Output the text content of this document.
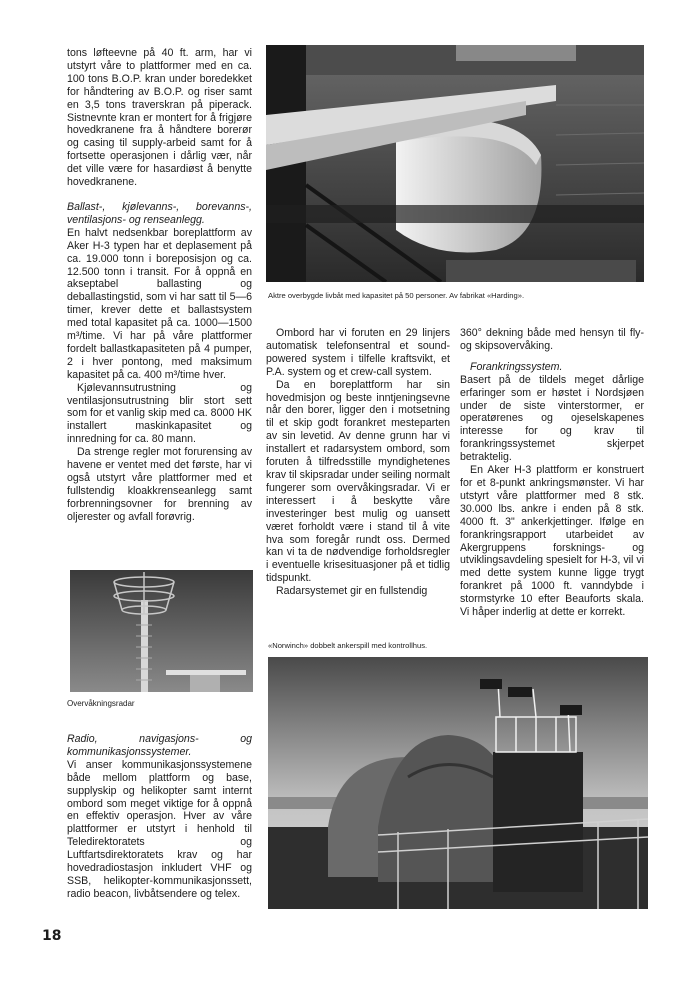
tons løfteevne på 40 ft. arm, har vi utstyrt våre to plattformer med en ca. 100 tons B.O.P. kran under boredekket for håndtering av B.O.P. og riser samt en 3,5 tons traverskran på piperack. Sistnevnte kran er montert for å frigjøre hovedkranene fra å håndtere borerør og casing til supply-arbeid samt for å fortsette operasjonen i dårlig vær, når det ville være for hasardiøst å benytte hovedkranene.

Ballast-, kjølevanns-, borevanns-, ventilasjons- og renseanlegg.

En halvt nedsenkbar boreplattform av Aker H-3 typen har et deplasement på ca. 19.000 tonn i boreposisjon og ca. 12.500 tonn i transit. For å oppnå en akseptabel ballasting og deballastingstid, som vi har satt til 5—6 timer, krever dette et ballastsystem med total kapasitet på ca. 1000—1500 m³/time. Vi har på våre plattformer fordelt ballastkapasiteten på 4 pumper, 2 i hver pontong, med maksimum kapasitet på ca. 400 m³/time hver.

Kjølevannsutrustning og ventilasjonsutrustning blir stort sett som for et vanlig skip med ca. 8000 HK installert maskinkapasitet og innredning for ca. 80 mann.

Da strenge regler mot forurensing av havene er ventet med det første, har vi også utstyrt våre plattformer med et fullstendig kloakkrenseanlegg samt forbrenningsovner for brenning av oljerester og avfall forøvrig.

Overvåkningsradar
Radio, navigasjons- og kommunikasjonssystemer.

Vi anser kommunikasjonssystemene både mellom plattform og base, supplyskip og helikopter samt internt ombord som meget viktige for å oppnå en effektiv operasjon. Hver av våre plattformer er utstyrt i henhold til Teledirektoratets og Luftfartsdirektoratets krav og har hovedradiostasjon inkludert VHF og SSB, helikopter-kommunikasjonssett, radio beacon, livbåtsendere og telex.

Aktre overbygde livbåt med kapasitet på 50 personer. Av fabrikat «Harding».

Ombord har vi foruten en 29 linjers automatisk telefonsentral et sound-powered system i tilfelle kraftsvikt, et P.A. system og et crew-call system.

Da en boreplattform har sin hovedmisjon og beste inntjeningsevne når den borer, ligger den i motsetning til et skip godt forankret mesteparten av sin levetid. Av denne grunn har vi installert et radarsystem ombord, som foruten å tilfredsstille myndighetenes krav til skipsradar under seiling normalt fungerer som overvåkingsradar. Vi er interessert i å beskytte våre investeringer best mulig og uansett været forholdt være i stand til å vite hva som foregår rundt oss. Dermed kan vi ta de nødvendige forholdsregler i eventuelle krisesituasjoner på et tidlig tidspunkt.

Radarsystemet gir en fullstendig

360° dekning både med hensyn til fly- og skipsovervåking.

Forankringssystem.

Basert på de tildels meget dårlige erfaringer som er høstet i Nordsjøen under de siste vinterstormer, er operatørenes og ojeselskapenes interesse for og krav til forankringssystemet skjerpet betraktelig.

En Aker H-3 plattform er konstruert for et 8-punkt ankringsmønster. Vi har utstyrt våre plattformer med 8 stk. 30.000 lbs. ankre i enden på 8 stk. 4000 ft. 3" ankerkjettinger. Ifølge en forankringsrapport utarbeidet av Akergruppens forsknings- og utviklingsavdeling spesielt for H-3, vil vi med dette system kunne ligge trygt forankret på 1000 ft. vanndybde i stormstyrke 10 efter Beauforts skala. Vi håper inderlig at dette er korrekt.

«Norwinch» dobbelt ankerspill med kontrollhus.
18
